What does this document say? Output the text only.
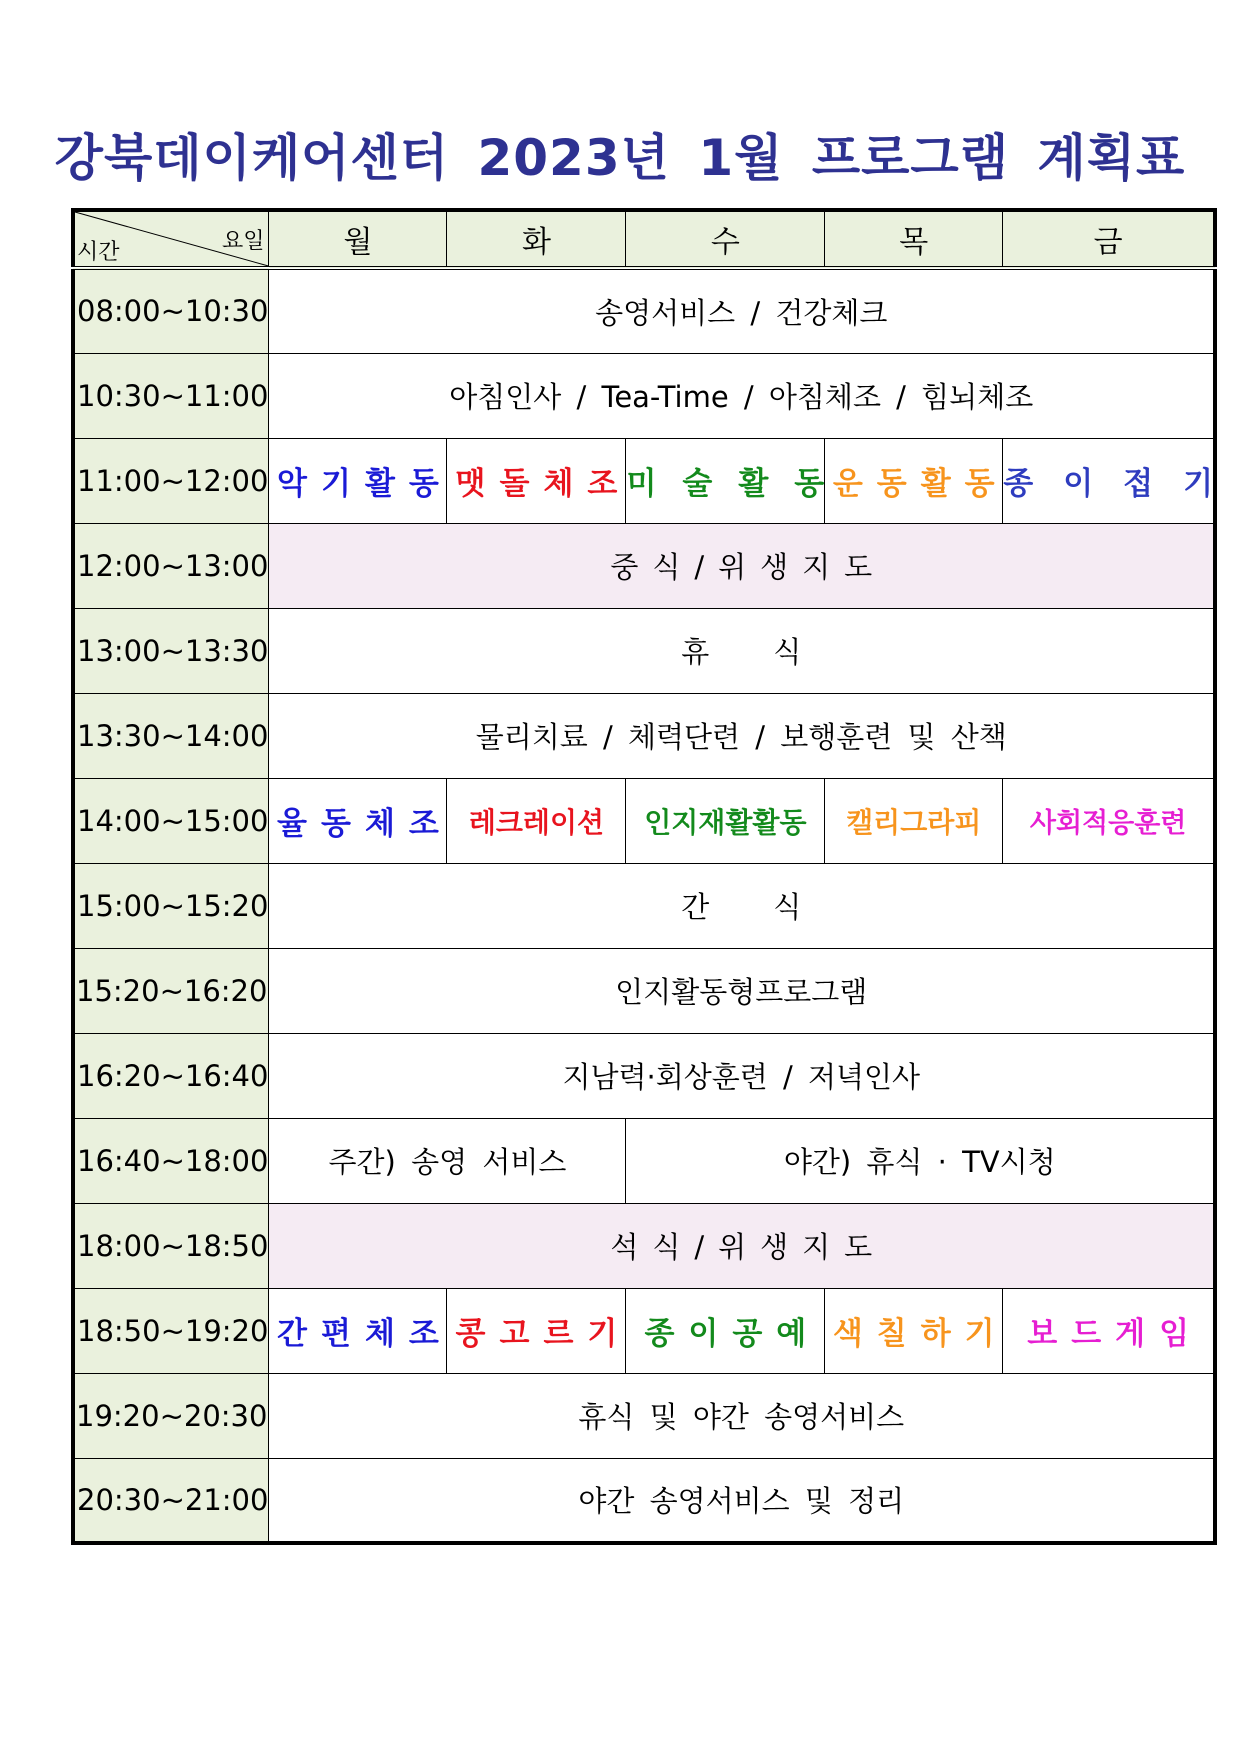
강북데이케어센터 2023년 1월 프로그램 계획표
요일
시간	월	화	수	목	금
08:00~10:30	송영서비스 / 건강체크				
10:30~11:00	아침인사 / Tea-Time / 아침체조 / 힘뇌체조				
11:00~12:00	악기활동	맷돌체조	미술활동	운동활동	종이접기
12:00~13:00	중식/위생지도				
13:00~13:30	휴식				
13:30~14:00	물리치료 / 체력단련 / 보행훈련 및 산책				
14:00~15:00	율동체조	레크레이션	인지재활활동	캘리그라피	사회적응훈련
15:00~15:20	간식				
15:20~16:20	인지활동형프로그램				
16:20~16:40	지남력·회상훈련 / 저녁인사				
16:40~18:00	주간) 송영 서비스		야간) 휴식 · TV시청		
18:00~18:50	석식/위생지도				
18:50~19:20	간편체조	콩고르기	종이공예	색칠하기	보드게임
19:20~20:30	휴식 및 야간 송영서비스				
20:30~21:00	야간 송영서비스 및 정리				
